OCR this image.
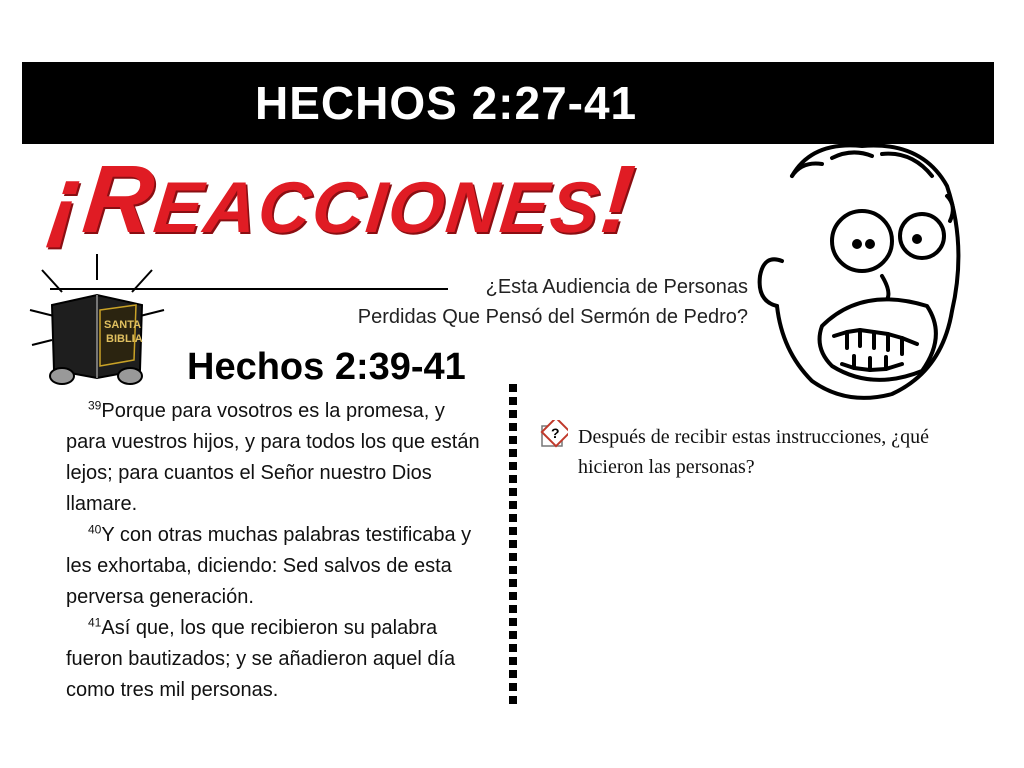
HECHOS 2:27-41
¡REACCIONES!
¿Esta Audiencia de Personas
Perdidas Que Pensó del Sermón de Pedro?
SANTA
BIBLIA
Hechos 2:39-41

$^{39}$Porque para vosotros es la promesa, y para vuestros hijos, y para todos los que están lejos; para cuantos el Señor nuestro Dios llamare.

$^{40}$Y con otras muchas palabras testificaba y les exhortaba, diciendo: Sed salvos de esta perversa generación.

$^{41}$Así que, los que recibieron su palabra fueron bautizados; y se añadieron aquel día como tres mil personas.

? Después de recibir estas instrucciones, ¿qué hicieron las personas?
